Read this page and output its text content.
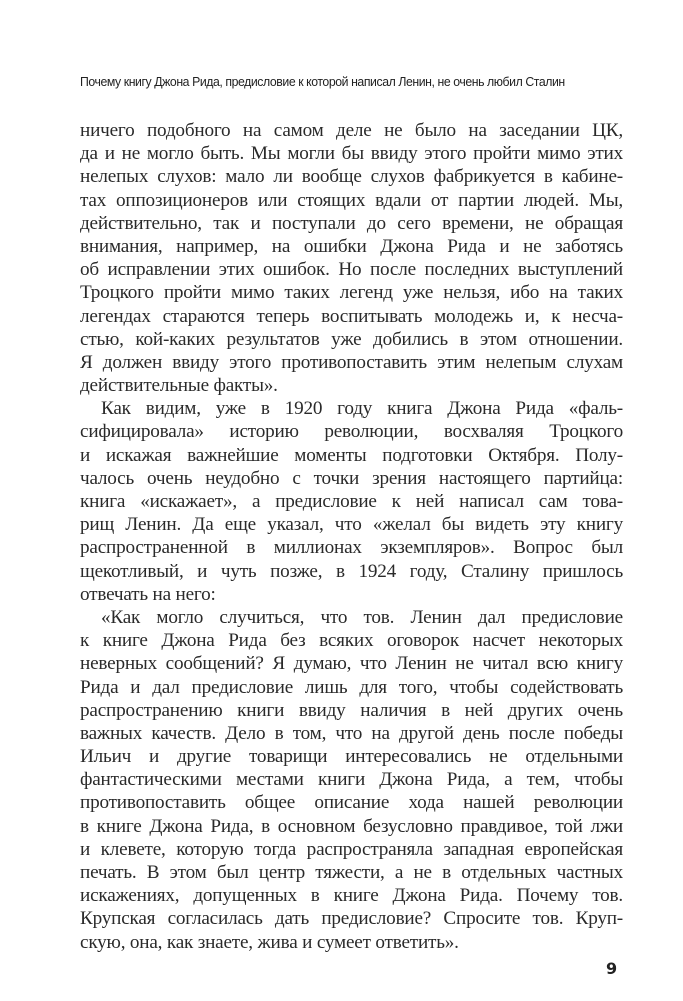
Почему книгу Джона Рида, предисловие к которой написал Ленин, не очень любил Сталин
ничего подобного на самом деле не было на заседании ЦК,
да и не могло быть. Мы могли бы ввиду этого пройти мимо этих
нелепых слухов: мало ли вообще слухов фабрикуется в кабине-
тах оппозиционеров или стоящих вдали от партии людей. Мы,
действительно, так и поступали до сего времени, не обращая
внимания, например, на ошибки Джона Рида и не заботясь
об исправлении этих ошибок. Но после последних выступлений
Троцкого пройти мимо таких легенд уже нельзя, ибо на таких
легендах стараются теперь воспитывать молодежь и, к несча-
стью, кой-каких результатов уже добились в этом отношении.
Я должен ввиду этого противопоставить этим нелепым слухам
действительные факты».
Как видим, уже в 1920 году книга Джона Рида «фаль-
сифицировала» историю революции, восхваляя Троцкого
и искажая важнейшие моменты подготовки Октября. Полу-
чалось очень неудобно с точки зрения настоящего партийца:
книга «искажает», а предисловие к ней написал сам това-
рищ Ленин. Да еще указал, что «желал бы видеть эту книгу
распространенной в миллионах экземпляров». Вопрос был
щекотливый, и чуть позже, в 1924 году, Сталину пришлось
отвечать на него:
«Как могло случиться, что тов. Ленин дал предисловие
к книге Джона Рида без всяких оговорок насчет некоторых
неверных сообщений? Я думаю, что Ленин не читал всю книгу
Рида и дал предисловие лишь для того, чтобы содействовать
распространению книги ввиду наличия в ней других очень
важных качеств. Дело в том, что на другой день после победы
Ильич и другие товарищи интересовались не отдельными
фантастическими местами книги Джона Рида, а тем, чтобы
противопоставить общее описание хода нашей революции
в книге Джона Рида, в основном безусловно правдивое, той лжи
и клевете, которую тогда распространяла западная европейская
печать. В этом был центр тяжести, а не в отдельных частных
искажениях, допущенных в книге Джона Рида. Почему тов.
Крупская согласилась дать предисловие? Спросите тов. Круп-
скую, она, как знаете, жива и сумеет ответить».
9
